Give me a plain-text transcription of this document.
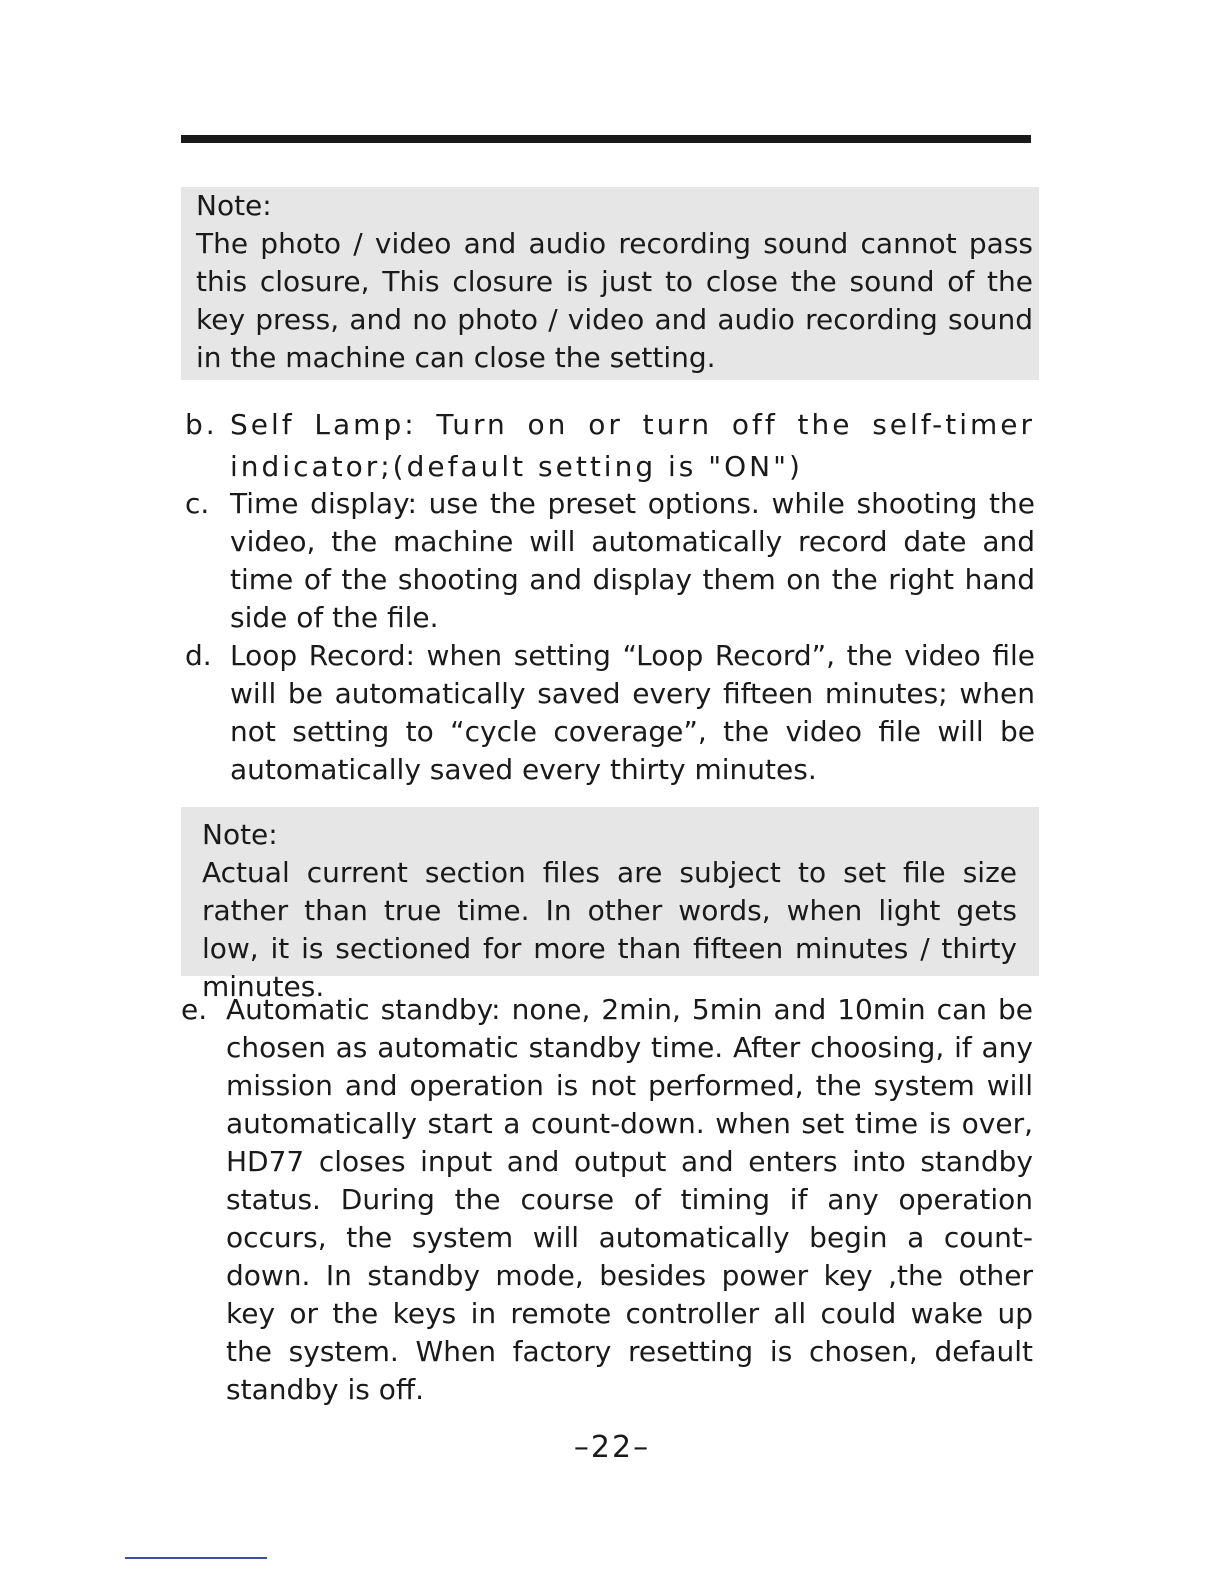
Note:
The photo / video and audio recording sound cannot pass this closure, This closure is just to close the sound of the key press, and no photo / video and audio recording sound in the machine can close the setting.
b. Self Lamp: Turn on or turn off the self-timer indicator;(default setting is "ON")
c. Time display: use the preset options. while shooting the video, the machine will automatically record date and time of the shooting and display them on the right hand side of the file.
d. Loop Record: when setting “Loop Record”, the video file will be automatically saved every fifteen minutes; when not setting to “cycle coverage”, the video file will be automatically saved every thirty minutes.
Note:
Actual current section files are subject to set file size rather than true time. In other words, when light gets low, it is sectioned for more than fifteen minutes / thirty minutes.
e. Automatic standby: none, 2min, 5min and 10min can be chosen as automatic standby time. After choosing, if any mission and operation is not performed, the system will automatically start a count-down. when set time is over, HD77 closes input and output and enters into standby status. During the course of timing if any operation occurs, the system will automatically begin a count-down. In standby mode, besides power key ,the other key or the keys in remote controller all could wake up the system. When factory resetting is chosen, default standby is off.
–22–
